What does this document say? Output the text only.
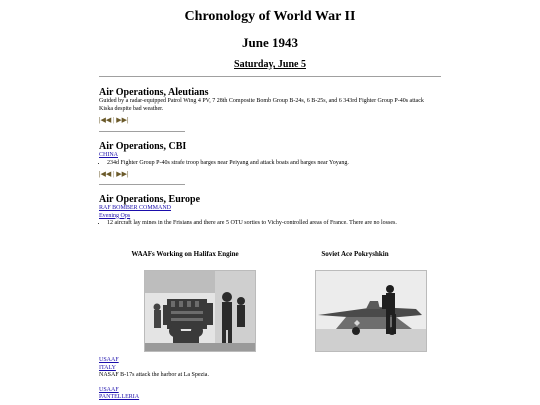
Chronology of World War II
June 1943
Saturday, June 5
Air Operations, Aleutians
Guided by a radar-equipped Patrol Wing 4 PV, 7 28th Composite Bomb Group B-24s, 6 B-25s, and 6 343rd Fighter Group P-40s attack Kiska despite bad weather.
|◀◀ | ▶▶|
Air Operations, CBI
CHINA
• 234d Fighter Group P-40s strafe troop barges near Peiyang and attack boats and barges near Yoyang.
|◀◀ | ▶▶|
Air Operations, Europe
RAF BOMBER COMMAND
Evening Ops
• 12 aircraft lay mines in the Frisians and there are 5 OTU sorties to Vichy-controlled areas of France. There are no losses.
WAAFs Working on Halifax Engine	Soviet Ace Pokryshkin
USAAF
ITALY
NASAF B-17s attack the harbor at La Spezia.
USAAF
PANTELLERIA
